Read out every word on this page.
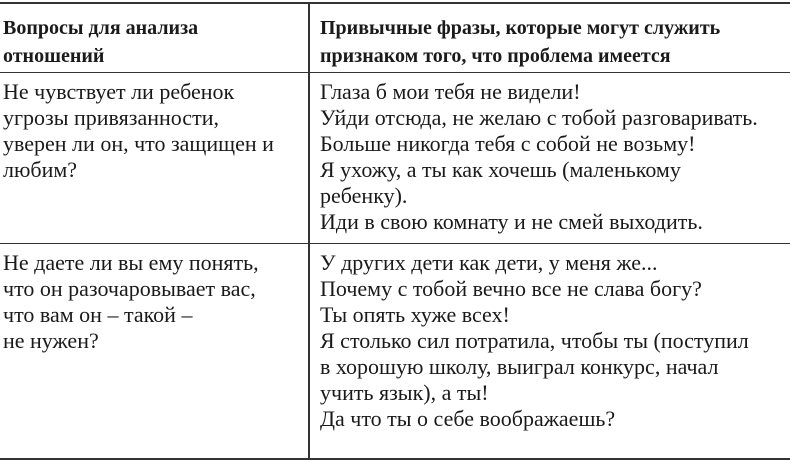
Вопросы для анализа
отношений
Привычные фразы, которые могут служить
признаком того, что проблема имеется
Не чувствует ли ребенок
угрозы привязанности,
уверен ли он, что защищен и
любим?
Глаза б мои тебя не видели!
Уйди отсюда, не желаю с тобой разговаривать.
Больше никогда тебя с собой не возьму!
Я ухожу, а ты как хочешь (маленькому
ребенку).
Иди в свою комнату и не смей выходить.
Не даете ли вы ему понять,
что он разочаровывает вас,
что вам он – такой –
не нужен?
У других дети как дети, у меня же...
Почему с тобой вечно все не слава богу?
Ты опять хуже всех!
Я столько сил потратила, чтобы ты (поступил
в хорошую школу, выиграл конкурс, начал
учить язык), а ты!
Да что ты о себе воображаешь?
